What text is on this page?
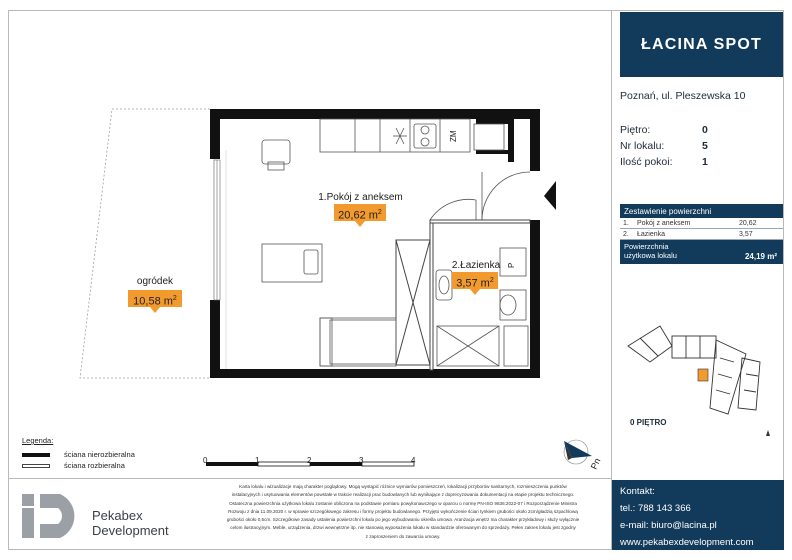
ZM
P
Pn
1.Pokój z aneksem
20,62 $m^2$
2.Łazienka
3,57 $m^2$
ogródek
10,58 $m^2$
0	1	2	3	4
Legenda:
ściana nierozbieralna
ściana rozbieralna
Pekabex
Development
Karta lokalu i wizualizacje mają charakter poglądowy. Mogą wystąpić różnice wymiarów pomieszczeń, lokalizacji przyborów sanitarnych, rozmieszczenia punktów
instalacyjnych i usytuowania elementów powstałe w trakcie realizacji prac budowlanych lub wynikające z doprecyzowania dokumentacji na etapie projektu technicznego.
Ostateczna powierzchnia użytkowa lokalu zostanie obliczona na podstawie pomiaru powykonawczego w oparciu o normę PN-ISO 9836:2022-07 i Rozporządzenie Ministra
Rozwoju z dnia 11.09.2020 r. w sprawie szczegółowego zakresu i formy projektu budowlanego. Przyjęto wykończenie ścian tynkiem grubości około 2cm/gładzią szpachlową
grubości około 0,5cm. Szczegółowe zasady ustalenia powierzchni lokalu po jego wybudowaniu określa umowa. Aranżacja wnętrz ma charakter przykładowy i służy wyłącznie
celom ilustracyjnym. Meble, urządzenia, drzwi wewnętrzne itp. nie stanowią wyposażenia lokalu w standardzie oferowanym do sprzedaży. Pełen zakres lokalu jest zgodny
z zaproszeniem do zawarcia umowy.
ŁACINA SPOT
Poznań, ul. Pleszewska 10
Piętro:	0
Nr lokalu:	5
Ilość pokoi:	1
Zestawienie powierzchni
1.	Pokój z aneksem	20,62
2.	Łazienka	3,57
Powierzchnia
użytkowa lokalu	24,19 m²
0 PIĘTRO
Kontakt:
tel.: 788 143 366
e-mail: biuro@lacina.pl
www.pekabexdevelopment.com
